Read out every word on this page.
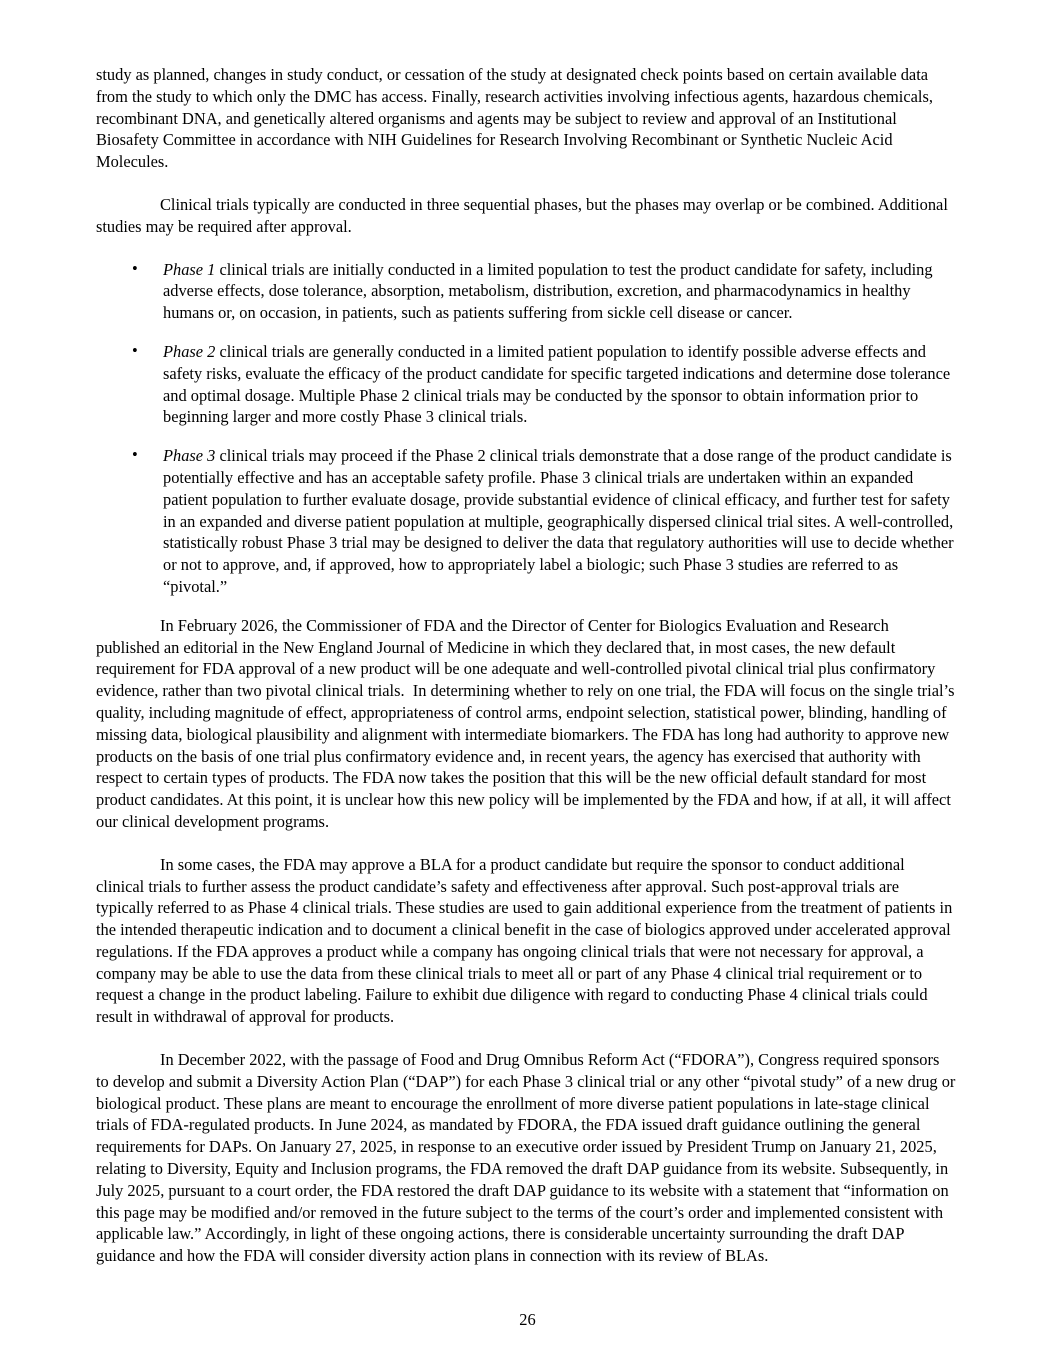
study as planned, changes in study conduct, or cessation of the study at designated check points based on certain available data from the study to which only the DMC has access. Finally, research activities involving infectious agents, hazardous chemicals, recombinant DNA, and genetically altered organisms and agents may be subject to review and approval of an Institutional Biosafety Committee in accordance with NIH Guidelines for Research Involving Recombinant or Synthetic Nucleic Acid Molecules.

Clinical trials typically are conducted in three sequential phases, but the phases may overlap or be combined. Additional studies may be required after approval.

• Phase 1 clinical trials are initially conducted in a limited population to test the product candidate for safety, including adverse effects, dose tolerance, absorption, metabolism, distribution, excretion, and pharmacodynamics in healthy humans or, on occasion, in patients, such as patients suffering from sickle cell disease or cancer.
• Phase 2 clinical trials are generally conducted in a limited patient population to identify possible adverse effects and safety risks, evaluate the efficacy of the product candidate for specific targeted indications and determine dose tolerance and optimal dosage. Multiple Phase 2 clinical trials may be conducted by the sponsor to obtain information prior to beginning larger and more costly Phase 3 clinical trials.
• Phase 3 clinical trials may proceed if the Phase 2 clinical trials demonstrate that a dose range of the product candidate is potentially effective and has an acceptable safety profile. Phase 3 clinical trials are undertaken within an expanded patient population to further evaluate dosage, provide substantial evidence of clinical efficacy, and further test for safety in an expanded and diverse patient population at multiple, geographically dispersed clinical trial sites. A well-controlled, statistically robust Phase 3 trial may be designed to deliver the data that regulatory authorities will use to decide whether or not to approve, and, if approved, how to appropriately label a biologic; such Phase 3 studies are referred to as “pivotal.”

In February 2026, the Commissioner of FDA and the Director of Center for Biologics Evaluation and Research published an editorial in the New England Journal of Medicine in which they declared that, in most cases, the new default requirement for FDA approval of a new product will be one adequate and well-controlled pivotal clinical trial plus confirmatory evidence, rather than two pivotal clinical trials.  In determining whether to rely on one trial, the FDA will focus on the single trial’s quality, including magnitude of effect, appropriateness of control arms, endpoint selection, statistical power, blinding, handling of missing data, biological plausibility and alignment with intermediate biomarkers. The FDA has long had authority to approve new products on the basis of one trial plus confirmatory evidence and, in recent years, the agency has exercised that authority with respect to certain types of products. The FDA now takes the position that this will be the new official default standard for most product candidates. At this point, it is unclear how this new policy will be implemented by the FDA and how, if at all, it will affect our clinical development programs.

In some cases, the FDA may approve a BLA for a product candidate but require the sponsor to conduct additional clinical trials to further assess the product candidate’s safety and effectiveness after approval. Such post-approval trials are typically referred to as Phase 4 clinical trials. These studies are used to gain additional experience from the treatment of patients in the intended therapeutic indication and to document a clinical benefit in the case of biologics approved under accelerated approval regulations. If the FDA approves a product while a company has ongoing clinical trials that were not necessary for approval, a company may be able to use the data from these clinical trials to meet all or part of any Phase 4 clinical trial requirement or to request a change in the product labeling. Failure to exhibit due diligence with regard to conducting Phase 4 clinical trials could result in withdrawal of approval for products.

In December 2022, with the passage of Food and Drug Omnibus Reform Act (“FDORA”), Congress required sponsors to develop and submit a Diversity Action Plan (“DAP”) for each Phase 3 clinical trial or any other “pivotal study” of a new drug or biological product. These plans are meant to encourage the enrollment of more diverse patient populations in late-stage clinical trials of FDA-regulated products. In June 2024, as mandated by FDORA, the FDA issued draft guidance outlining the general requirements for DAPs. On January 27, 2025, in response to an executive order issued by President Trump on January 21, 2025, relating to Diversity, Equity and Inclusion programs, the FDA removed the draft DAP guidance from its website. Subsequently, in July 2025, pursuant to a court order, the FDA restored the draft DAP guidance to its website with a statement that “information on this page may be modified and/or removed in the future subject to the terms of the court’s order and implemented consistent with applicable law.” Accordingly, in light of these ongoing actions, there is considerable uncertainty surrounding the draft DAP guidance and how the FDA will consider diversity action plans in connection with its review of BLAs.

26
